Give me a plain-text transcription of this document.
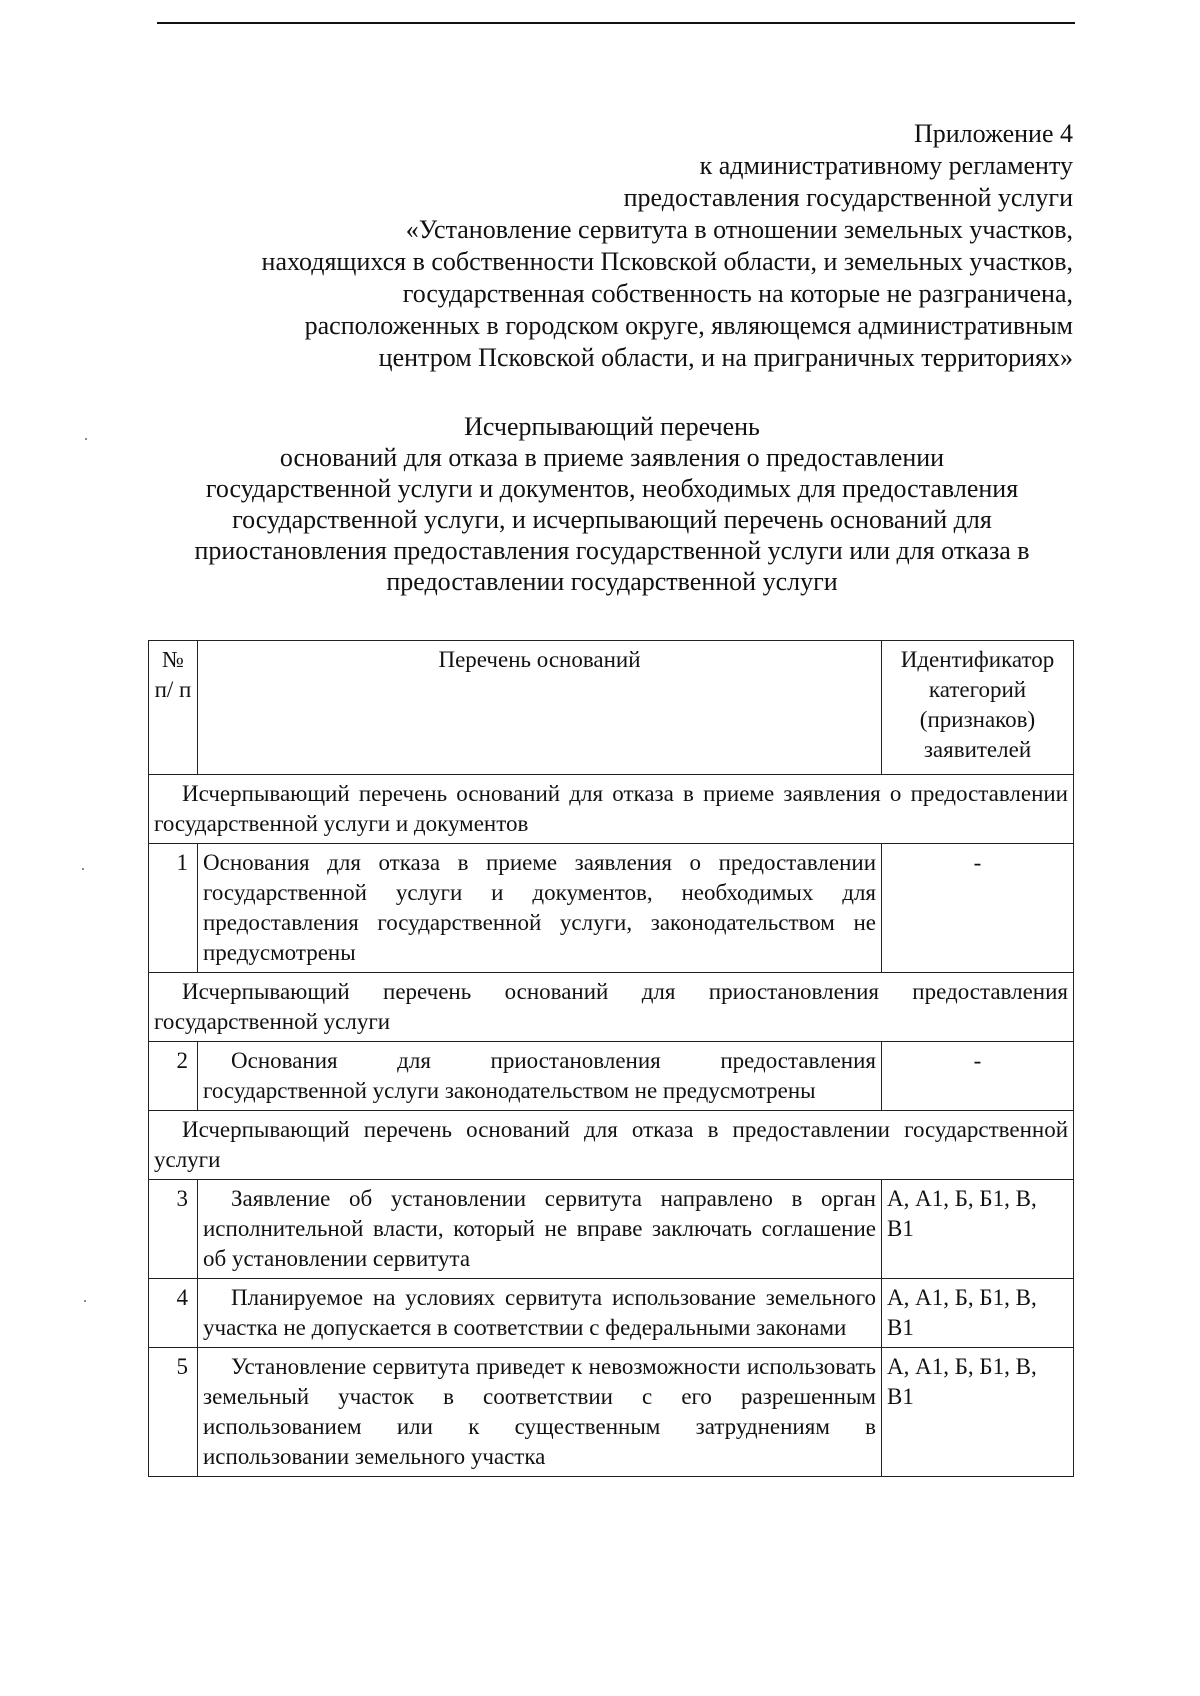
Приложение 4
к административному регламенту
предоставления государственной услуги
«Установление сервитута в отношении земельных участков,
находящихся в собственности Псковской области, и земельных участков,
государственная собственность на которые не разграничена,
расположенных в городском округе, являющемся административным
центром Псковской области, и на приграничных территориях»
Исчерпывающий перечень
оснований для отказа в приеме заявления о предоставлении
государственной услуги и документов, необходимых для предоставления
государственной услуги, и исчерпывающий перечень оснований для
приостановления предоставления государственной услуги или для отказа в
предоставлении государственной услуги
№ п/ п	Перечень оснований	Идентификатор категорий (признаков) заявителей
Исчерпывающий перечень оснований для отказа в приеме заявления о предоставлении государственной услуги и документов		
1	Основания для отказа в приеме заявления о предоставлении государственной услуги и документов, необходимых для предоставления государственной услуги, законодательством не предусмотрены	-
Исчерпывающий перечень оснований для приостановления предоставления государственной услуги		
2	Основания для приостановления предоставления государственной услуги законодательством не предусмотрены	-
Исчерпывающий перечень оснований для отказа в предоставлении государственной услуги		
3	Заявление об установлении сервитута направлено в орган исполнительной власти, который не вправе заключать соглашение об установлении сервитута	А, А1, Б, Б1, В, В1
4	Планируемое на условиях сервитута использование земельного участка не допускается в соответствии с федеральными законами	А, А1, Б, Б1, В, В1
5	Установление сервитута приведет к невозможности использовать земельный участок в соответствии с его разрешенным использованием или к существенным затруднениям в использовании земельного участка	А, А1, Б, Б1, В, В1
